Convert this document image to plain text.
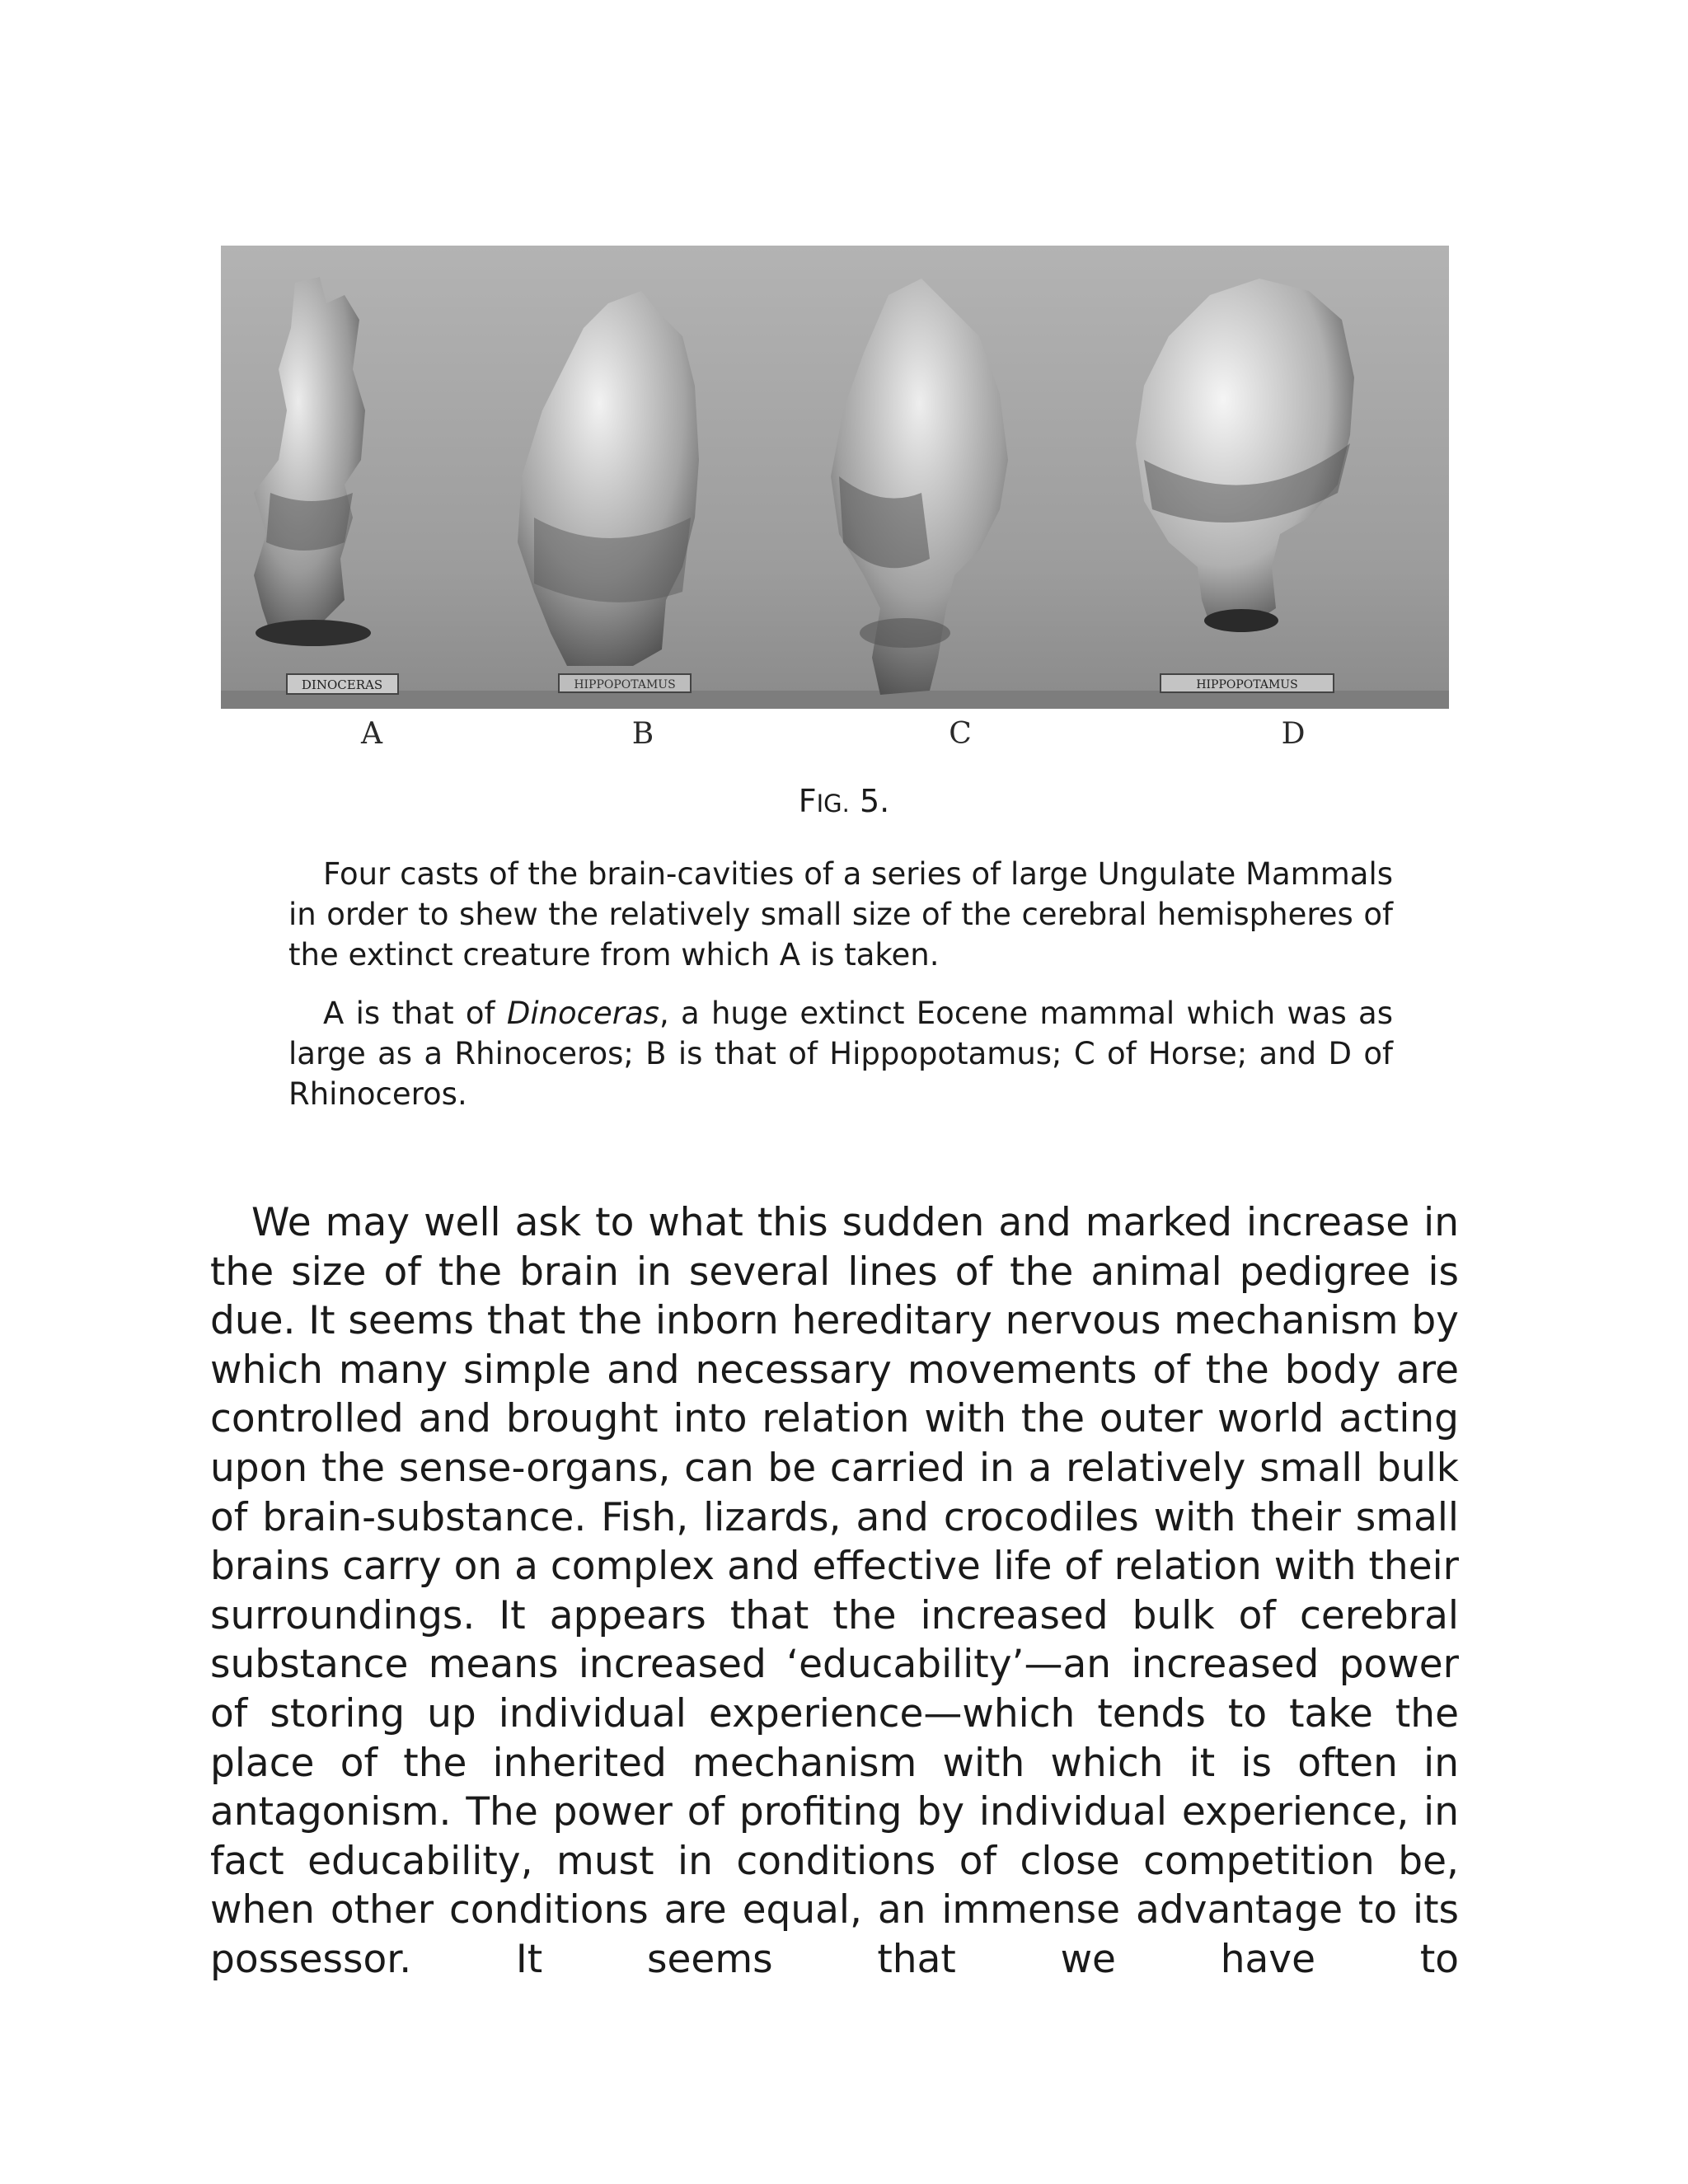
DINOCERAS	HIPPOPOTAMUS	HIPPOPOTAMUS
A	B	C	D
FIG. 5.

Four casts of the brain-cavities of a series of large Ungulate Mammals in order to shew the relatively small size of the cerebral hemispheres of the extinct creature from which A is taken.

A is that of Dinoceras, a huge extinct Eocene mammal which was as large as a Rhinoceros; B is that of Hippopotamus; C of Horse; and D of Rhinoceros.

We may well ask to what this sudden and marked increase in the size of the brain in several lines of the animal pedigree is due. It seems that the inborn hereditary nervous mechanism by which many simple and necessary movements of the body are controlled and brought into relation with the outer world acting upon the sense-organs, can be carried in a relatively small bulk of brain-substance. Fish, lizards, and crocodiles with their small brains carry on a complex and effective life of relation with their surroundings. It appears that the increased bulk of cerebral substance means increased ‘educability’—an increased power of storing up individual experience—which tends to take the place of the inherited mechanism with which it is often in antagonism. The power of profiting by individual experience, in fact educability, must in conditions of close competition be, when other conditions are equal, an immense advantage to its possessor. It seems that we have to
